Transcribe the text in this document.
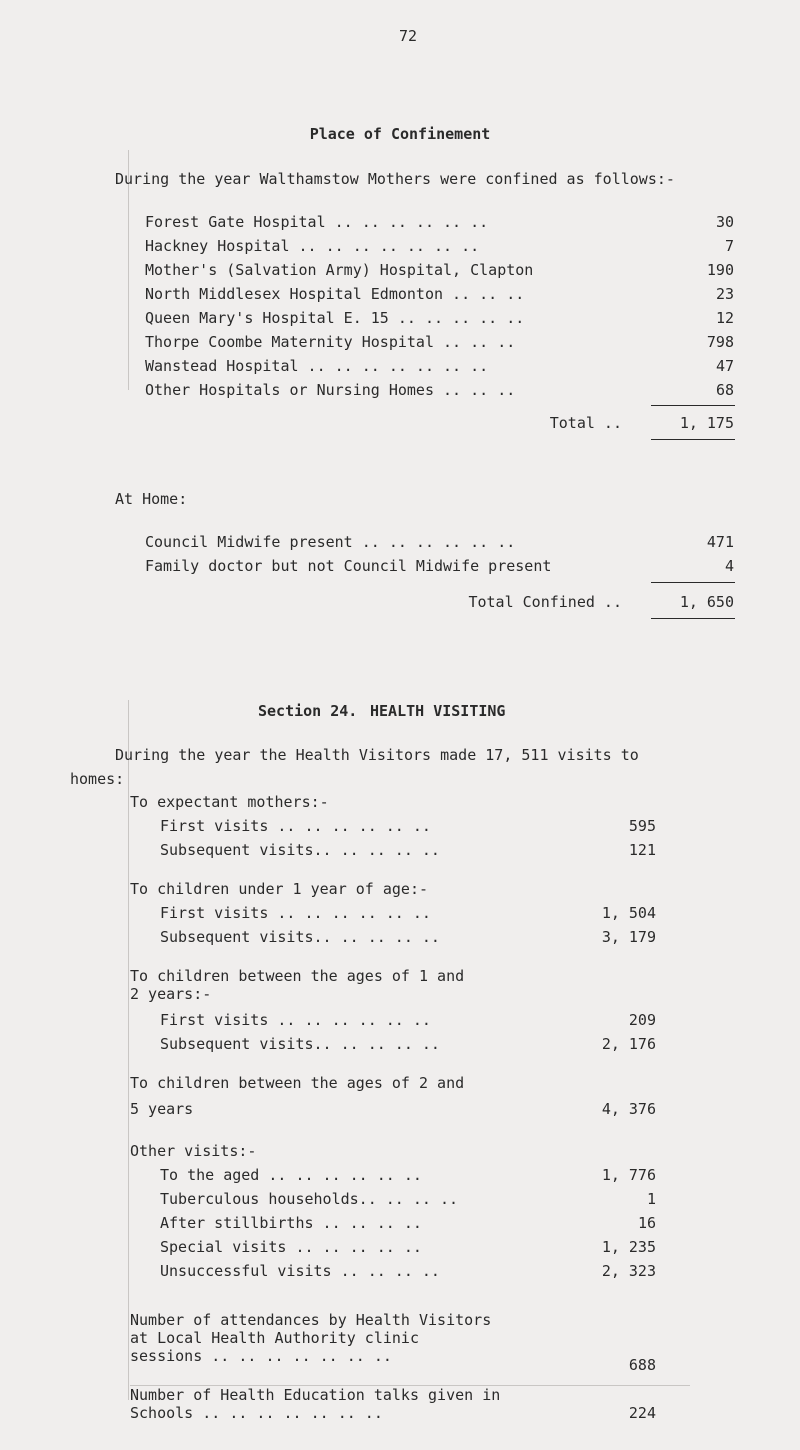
72
Place of Confinement
During the year Walthamstow Mothers were confined as follows:-
Forest Gate Hospital .. .. .. .. .. ..	30
Hackney Hospital .. .. .. .. .. .. ..	7
Mother's (Salvation Army) Hospital, Clapton	190
North Middlesex Hospital Edmonton .. .. ..	23
Queen Mary's Hospital E. 15 .. .. .. .. ..	12
Thorpe Coombe Maternity Hospital .. .. ..	798
Wanstead Hospital .. .. .. .. .. .. ..	47
Other Hospitals or Nursing Homes .. .. ..	68
Total ..	1, 175
At Home:
Council Midwife present .. .. .. .. .. ..	471
Family doctor but not Council Midwife present	4
Total Confined ..	1, 650
Section 24. HEALTH VISITING
During the year the Health Visitors made 17, 511 visits to
homes:
To expectant mothers:-
First visits .. .. .. .. .. ..	595
Subsequent visits.. .. .. .. ..	121
To children under 1 year of age:-
First visits .. .. .. .. .. ..	1, 504
Subsequent visits.. .. .. .. ..	3, 179
To children between the ages of 1 and
2 years:-
First visits .. .. .. .. .. ..	209
Subsequent visits.. .. .. .. ..	2, 176
To children between the ages of 2 and
5 years	4, 376
Other visits:-
To the aged .. .. .. .. .. ..	1, 776
Tuberculous households.. .. .. ..	1
After stillbirths .. .. .. ..	16
Special visits .. .. .. .. ..	1, 235
Unsuccessful visits .. .. .. ..	2, 323
Number of attendances by Health Visitors
at Local Health Authority clinic
sessions .. .. .. .. .. .. ..	688
Number of Health Education talks given in
Schools .. .. .. .. .. .. ..	224
